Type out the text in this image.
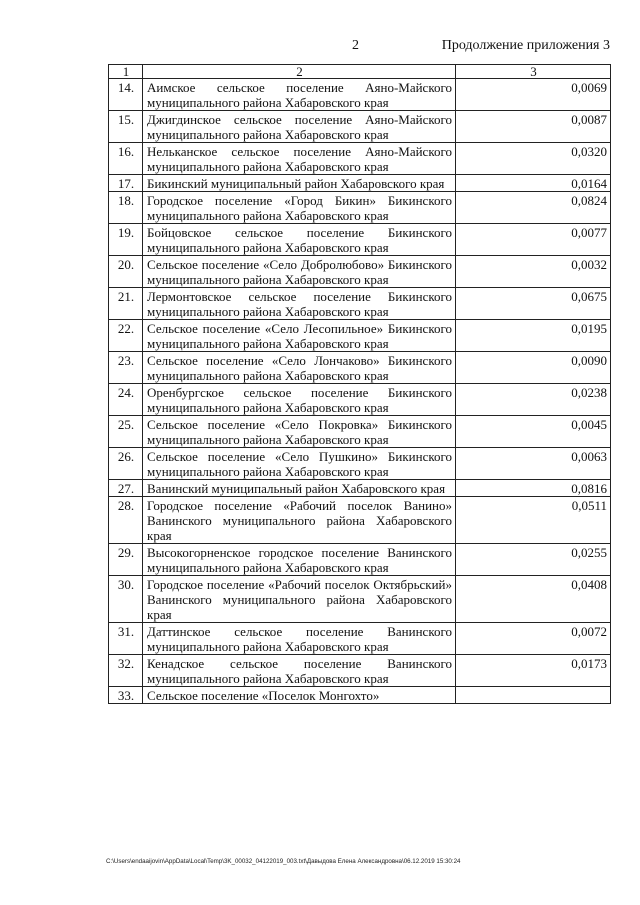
2	Продолжение приложения 3
1	2	3
14.	Аимское сельское поселение Аяно-Майского муниципального района Хабаровского края	0,0069
15.	Джигдинское сельское поселение Аяно-Майского муниципального района Хабаровского края	0,0087
16.	Нельканское сельское поселение Аяно-Майского муниципального района Хабаровского края	0,0320
17.	Бикинский муниципальный район Хабаровского края	0,0164
18.	Городское поселение «Город Бикин» Бикинского муниципального района Хабаровского края	0,0824
19.	Бойцовское сельское поселение Бикинского муниципального района Хабаровского края	0,0077
20.	Сельское поселение «Село Добролюбово» Бикинского муниципального района Хабаровского края	0,0032
21.	Лермонтовское сельское поселение Бикинского муниципального района Хабаровского края	0,0675
22.	Сельское поселение «Село Лесопильное» Бикинского муниципального района Хабаровского края	0,0195
23.	Сельское поселение «Село Лончаково» Бикинского муниципального района Хабаровского края	0,0090
24.	Оренбургское сельское поселение Бикинского муниципального района Хабаровского края	0,0238
25.	Сельское поселение «Село Покровка» Бикинского муниципального района Хабаровского края	0,0045
26.	Сельское поселение «Село Пушкино» Бикинского муниципального района Хабаровского края	0,0063
27.	Ванинский муниципальный район Хабаровского края	0,0816
28.	Городское поселение «Рабочий поселок Ванино» Ванинского муниципального района Хабаровского края	0,0511
29.	Высокогорненское городское поселение Ванинского муниципального района Хабаровского края	0,0255
30.	Городское поселение «Рабочий поселок Октябрьский» Ванинского муниципального района Хабаровского края	0,0408
31.	Даттинское сельское поселение Ванинского муниципального района Хабаровского края	0,0072
32.	Кенадское сельское поселение Ванинского муниципального района Хабаровского края	0,0173
33.	Сельское поселение «Поселок Монгохто»	
C:\Users\endaaijovin\AppData\Local\Temp\3K_00032_04122019_003.txt\Давыдова Елена Александровна\06.12.2019 15:30:24
